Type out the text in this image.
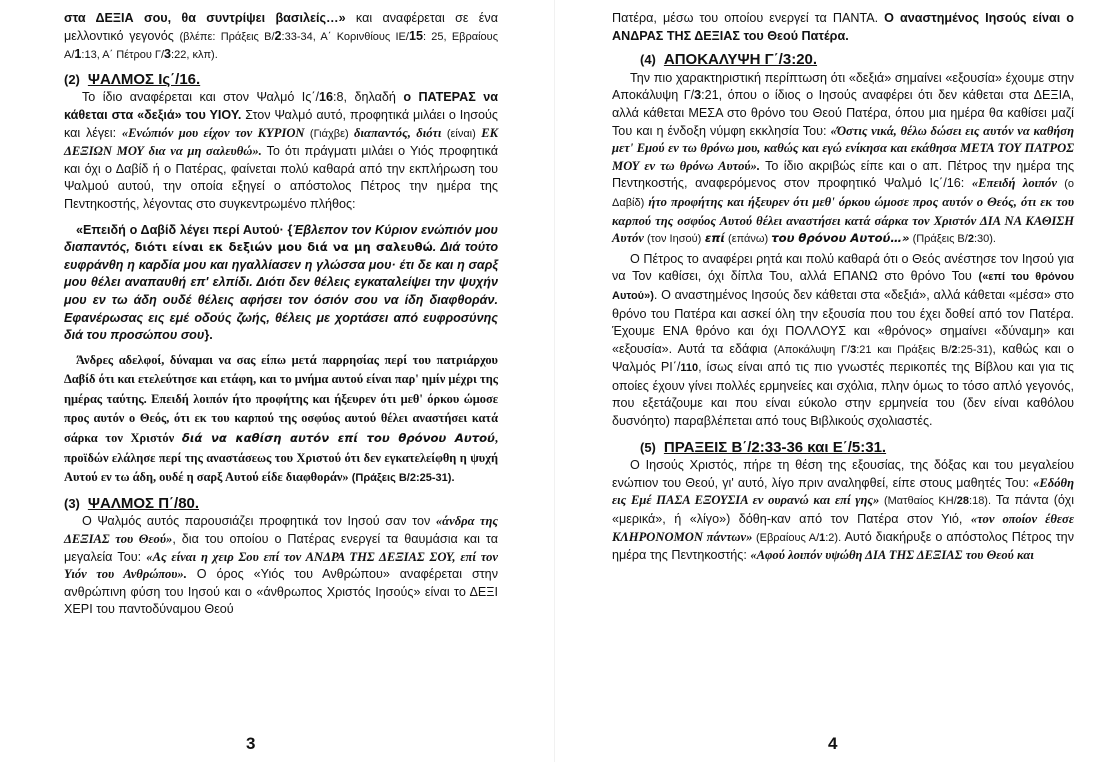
στα ΔΕΞΙΑ σου, θα συντρίψει βασιλείς…» και αναφέρεται σε ένα μελλοντικό γεγονός (βλέπε: Πράξεις Β/2:33-34, Α΄ Κορινθίους ΙΕ/15: 25, Εβραίους Α/1:13, Α΄ Πέτρου Γ/3:22, κλπ).

(2) ΨΑΛΜΟΣ Ις΄/16.

Το ίδιο αναφέρεται και στον Ψαλμό Ις΄/16:8, δηλαδή ο ΠΑΤΕΡΑΣ να κάθεται στα «δεξιά» του ΥΙΟΥ. Στον Ψαλμό αυτό, προφητικά μιλάει ο Ιησούς και λέγει: «Ενώπιόν μου είχον τον ΚΥΡΙΟΝ (Γιάχβε) διαπαντός, διότι (είναι) ΕΚ ΔΕΞΙΩΝ ΜΟΥ δια να μη σαλευθώ». Το ότι πράγματι μιλάει ο Υιός προφητικά και όχι ο Δαβίδ ή ο Πατέρας, φαίνεται πολύ καθαρά από την εκπλήρωση του Ψαλμού αυτού, την οποία εξηγεί ο απόστολος Πέτρος την ημέρα της Πεντηκοστής, λέγοντας στο συγκεντρωμένο πλήθος:

«Επειδή ο Δαβίδ λέγει περί Αυτού· {Έβλεπον τον Κύριον ενώπιόν μου διαπαντός, διότι είναι εκ δεξιών μου διά να μη σαλευθώ. Διά τούτο ευφράνθη η καρδία μου και ηγαλλίασεν η γλώσσα μου· έτι δε και η σαρξ μου θέλει αναπαυθή επ' ελπίδι. Διότι δεν θέλεις εγκαταλείψει την ψυχήν μου εν τω άδη ουδέ θέλεις αφήσει τον όσιόν σου να ίδη διαφθοράν. Εφανέρωσας εις εμέ οδούς ζωής, θέλεις με χορτάσει από ευφροσύνης διά του προσώπου σου}.

Άνδρες αδελφοί, δύναμαι να σας είπω μετά παρρησίας περί του πατριάρχου Δαβίδ ότι και ετελεύτησε και ετάφη, και το μνήμα αυτού είναι παρ' ημίν μέχρι της ημέρας ταύτης. Επειδή λοιπόν ήτο προφήτης και ήξευρεν ότι μεθ' όρκου ώμοσε προς αυτόν ο Θεός, ότι εκ του καρπού της οσφύος αυτού θέλει αναστήσει κατά σάρκα τον Χριστόν διά να καθίση αυτόν επί του θρόνου Αυτού, προϊδών ελάλησε περί της αναστάσεως του Χριστού ότι δεν εγκατελείφθη η ψυχή Αυτού εν τω άδη, ουδέ η σαρξ Αυτού είδε διαφθοράν» (Πράξεις Β/2:25-31).

(3) ΨΑΛΜΟΣ Π΄/80.

Ο Ψαλμός αυτός παρουσιάζει προφητικά τον Ιησού σαν τον «άνδρα της ΔΕΞΙΑΣ του Θεού», δια του οποίου ο Πατέρας ενεργεί τα θαυμάσια και τα μεγαλεία Του: «Ας είναι η χειρ Σου επί τον ΑΝΔΡΑ ΤΗΣ ΔΕΞΙΑΣ ΣΟΥ, επί τον Υιόν του Ανθρώπου». Ο όρος «Υιός του Ανθρώπου» αναφέρεται στην ανθρώπινη φύση του Ιησού και ο «άνθρωπος Χριστός Ιησούς» είναι το ΔΕΞΙ ΧΕΡΙ του παντοδύναμου Θεού

3

Πατέρα, μέσω του οποίου ενεργεί τα ΠΑΝΤΑ. Ο αναστημένος Ιησούς είναι ο ΑΝΔΡΑΣ ΤΗΣ ΔΕΞΙΑΣ του Θεού Πατέρα.

(4) ΑΠΟΚΑΛΥΨΗ Γ΄/3:20.

Την πιο χαρακτηριστική περίπτωση ότι «δεξιά» σημαίνει «εξουσία» έχουμε στην Αποκάλυψη Γ/3:21, όπου ο ίδιος ο Ιησούς αναφέρει ότι δεν κάθεται στα ΔΕΞΙΑ, αλλά κάθεται ΜΕΣΑ στο θρόνο του Θεού Πατέρα, όπου μια ημέρα θα καθίσει μαζί Του και η ένδοξη νύμφη εκκλησία Του: «Όστις νικά, θέλω δώσει εις αυτόν να καθήση μετ' Εμού εν τω θρόνω μου, καθώς και εγώ ενίκησα και εκάθησα ΜΕΤΑ ΤΟΥ ΠΑΤΡΟΣ ΜΟΥ εν τω θρόνω Αυτού». Το ίδιο ακριβώς είπε και ο απ. Πέτρος την ημέρα της Πεντηκοστής, αναφερόμενος στον προφητικό Ψαλμό Ις΄/16: «Επειδή λοιπόν (ο Δαβίδ) ήτο προφήτης και ήξευρεν ότι μεθ' όρκου ώμοσε προς αυτόν ο Θεός, ότι εκ του καρπού της οσφύος Αυτού θέλει αναστήσει κατά σάρκα τον Χριστόν ΔΙΑ ΝΑ ΚΑΘΙΣΗ Αυτόν (τον Ιησού) επί (επάνω) του θρόνου Αυτού…» (Πράξεις Β/2:30).

Ο Πέτρος το αναφέρει ρητά και πολύ καθαρά ότι ο Θεός ανέστησε τον Ιησού για να Τον καθίσει, όχι δίπλα Του, αλλά ΕΠΑΝΩ στο θρόνο Του («επί του θρόνου Αυτού»). Ο αναστημένος Ιησούς δεν κάθεται στα «δεξιά», αλλά κάθεται «μέσα» στο θρόνο του Πατέρα και ασκεί όλη την εξουσία που του έχει δοθεί από τον Πατέρα. Έχουμε ΕΝΑ θρόνο και όχι ΠΟΛΛΟΥΣ και «θρόνος» σημαίνει «δύναμη» και «εξουσία». Αυτά τα εδάφια (Αποκάλυψη Γ/3:21 και Πράξεις Β/2:25-31), καθώς και ο Ψαλμός ΡΙ΄/110, ίσως είναι από τις πιο γνωστές περικοπές της Βίβλου και για τις οποίες έχουν γίνει πολλές ερμηνείες και σχόλια, πλην όμως το τόσο απλό γεγονός, που εξετάζουμε και που είναι εύκολο στην ερμηνεία του (δεν είναι καθόλου δυσνόητο) παραβλέπεται από τους Βιβλικούς σχολιαστές.

(5) ΠΡΑΞΕΙΣ Β΄/2:33-36 και Ε΄/5:31.

Ο Ιησούς Χριστός, πήρε τη θέση της εξουσίας, της δόξας και του μεγαλείου ενώπιον του Θεού, γι' αυτό, λίγο πριν αναληφθεί, είπε στους μαθητές Του: «Εδόθη εις Εμέ ΠΑΣΑ ΕΞΟΥΣΙΑ εν ουρανώ και επί γης» (Ματθαίος ΚΗ/28:18). Τα πάντα (όχι «μερικά», ή «λίγο») δόθη-καν από τον Πατέρα στον Υιό, «τον οποίον έθεσε ΚΛΗΡΟΝΟΜΟΝ πάντων» (Εβραίους Α/1:2). Αυτό διακήρυξε ο απόστολος Πέτρος την ημέρα της Πεντηκοστής: «Αφού λοιπόν υψώθη ΔΙΑ ΤΗΣ ΔΕΞΙΑΣ του Θεού και

4
